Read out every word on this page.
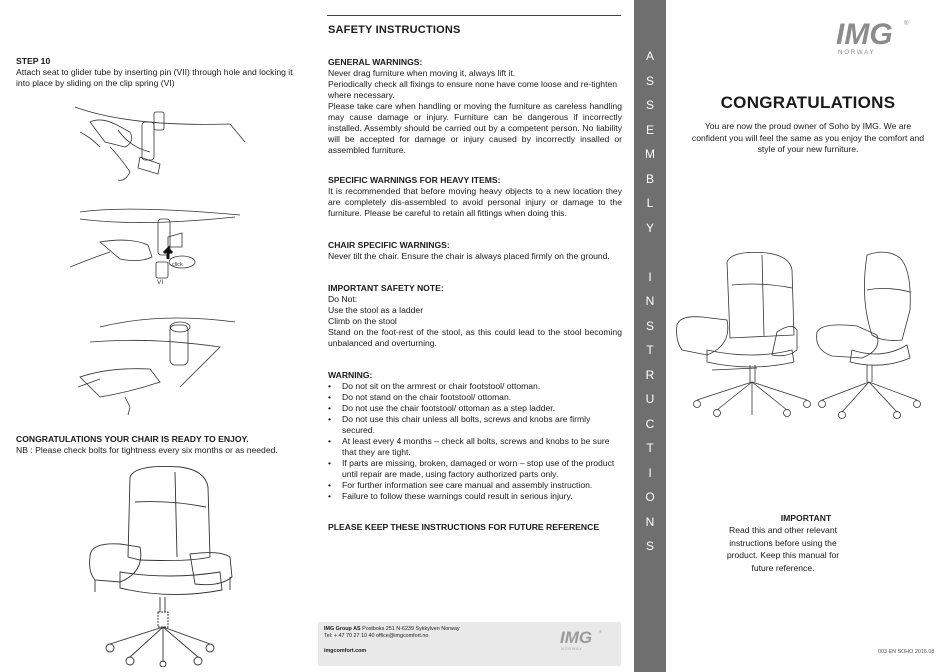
STEP 10
Attach seat to glider tube by inserting pin (VII) through hole and locking it into place by sliding on the clip spring (VI)
click
VI
CONGRATULATIONS YOUR CHAIR IS READY TO ENJOY.
NB : Please check bolts for tightness every six months or as needed.
SAFETY INSTRUCTIONS
GENERAL WARNINGS:
Never drag furniture when moving it, always lift it.
Periodically check all fixings to ensure none have come loose and re-tighten where necessary.
Please take care when handling or moving the furniture as careless handling may cause damage or injury. Furniture can be dangerous if incorrectly installed. Assembly should be carried out by a competent person. No liability will be accepted for damage or injury caused by incorrectly insalled or assembled furniture.
SPECIFIC WARNINGS FOR HEAVY ITEMS:
It is recommended that before moving heavy objects to a new location they are completely dis-assembled to avoid personal injury or damage to the furniture. Please be careful to retain all fittings when doing this.
CHAIR SPECIFIC WARNINGS:
Never tilt the chair. Ensure the chair is always placed firmly on the ground.
IMPORTANT SAFETY NOTE:
Do Not:
Use the stool as a ladder
Climb on the stool
Stand on the foot-rest of the stool, as this could lead to the stool becoming unbalanced and overturning.
WARNING:
• Do not sit on the armrest or chair footstool/ ottoman.
• Do not stand on the chair footstool/ ottoman.
• Do not use the chair footstool/ ottoman as a step ladder.
• Do not use this chair unless all bolts, screws and knobs are firmly secured.
• At least every 4 months – check all bolts, screws and knobs to be sure that they are tight.
• If parts are missing, broken, damaged or worn – stop use of the product until repair are made, using factory authorized parts only.
• For further information see care manual and assembly instruction.
• Failure to follow these warnings could result in serious injury.
PLEASE KEEP THESE INSTRUCTIONS FOR FUTURE REFERENCE
IMG Group AS Postboks 251 N-6239 Sykkylven Norway
Tel: + 47 70 27 10 40 office@imgcomfort.no
imgcomfort.com
IMG ®
N O R W A Y
A
S
S
E
M
B
L
Y
I
N
S
T
R
U
C
T
I
O
N
S
IMG ®
N O R W A Y
CONGRATULATIONS
You are now the proud owner of Soho by IMG. We are confident you will feel the same as you enjoy the comfort and style of your new furniture.
IMPORTANT
Read this and other relevant instructions before using the product. Keep this manual for future reference.
003 EN SOHO 2016.08
